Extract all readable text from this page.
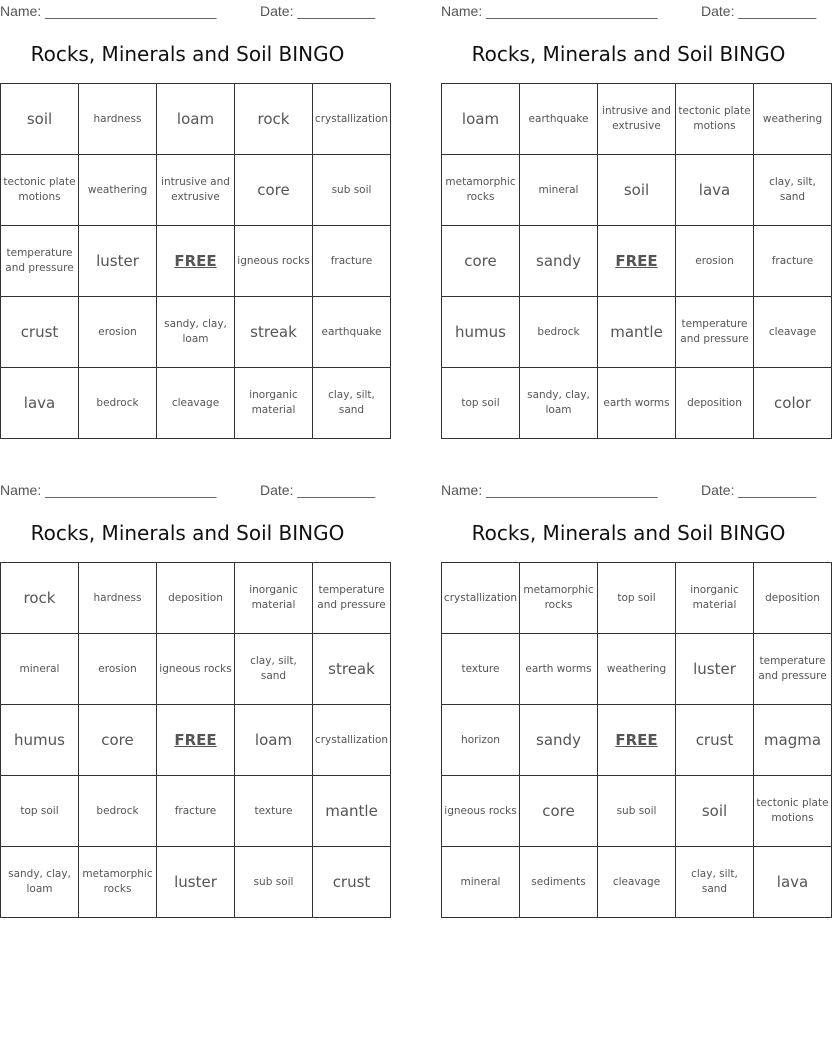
Name: ______________________	Date: __________
Rocks, Minerals and Soil BINGO
soil	hardness	loam	rock	crystallization
tectonic plate motions	weathering	intrusive and extrusive	core	sub soil
temperature and pressure	luster	FREE	igneous rocks	fracture
crust	erosion	sandy, clay, loam	streak	earthquake
lava	bedrock	cleavage	inorganic material	clay, silt, sand
Name: ______________________	Date: __________
Rocks, Minerals and Soil BINGO
loam	earthquake	intrusive and extrusive	tectonic plate motions	weathering
metamorphic rocks	mineral	soil	lava	clay, silt, sand
core	sandy	FREE	erosion	fracture
humus	bedrock	mantle	temperature and pressure	cleavage
top soil	sandy, clay, loam	earth worms	deposition	color
Name: ______________________	Date: __________
Rocks, Minerals and Soil BINGO
rock	hardness	deposition	inorganic material	temperature and pressure
mineral	erosion	igneous rocks	clay, silt, sand	streak
humus	core	FREE	loam	crystallization
top soil	bedrock	fracture	texture	mantle
sandy, clay, loam	metamorphic rocks	luster	sub soil	crust
Name: ______________________	Date: __________
Rocks, Minerals and Soil BINGO
crystallization	metamorphic rocks	top soil	inorganic material	deposition
texture	earth worms	weathering	luster	temperature and pressure
horizon	sandy	FREE	crust	magma
igneous rocks	core	sub soil	soil	tectonic plate motions
mineral	sediments	cleavage	clay, silt, sand	lava
